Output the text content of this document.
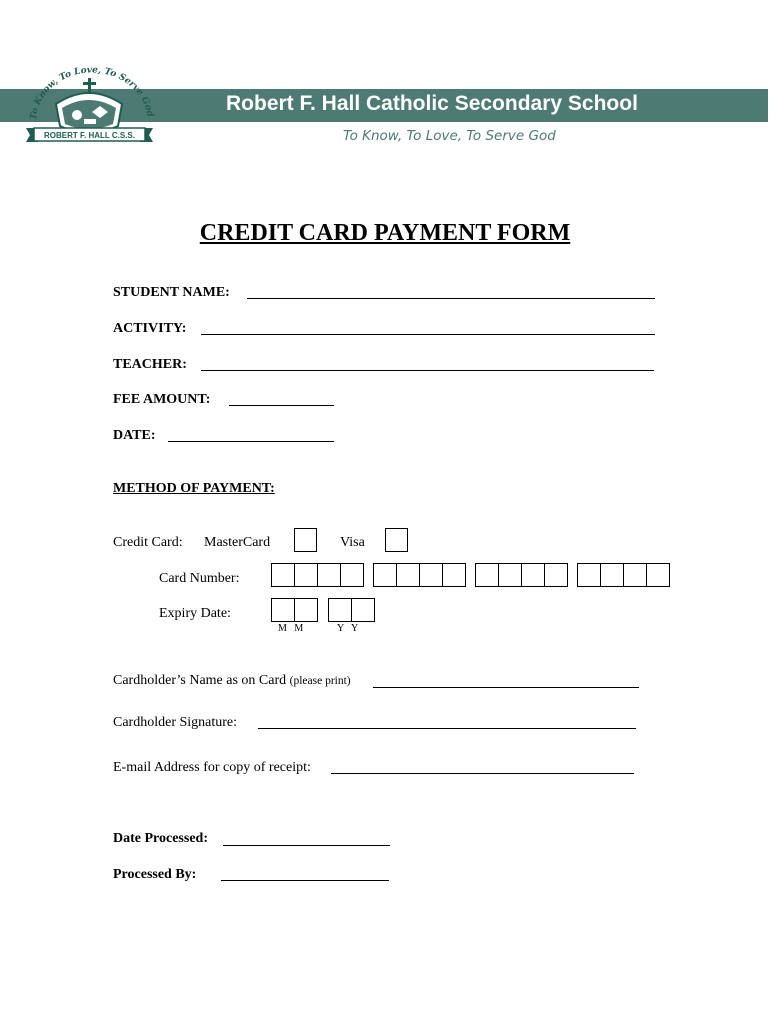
Robert F. Hall Catholic Secondary School
To Know, To Love, To Serve God
To Know, To Love, To Serve God
ROBERT F. HALL C.S.S.
CREDIT CARD PAYMENT FORM
STUDENT NAME:
ACTIVITY:
TEACHER:
FEE AMOUNT:
DATE:
METHOD OF PAYMENT:
Credit Card: MasterCard	Visa
Card Number:
Expiry Date:
M   M	Y   Y
Cardholder’s Name as on Card (please print)
Cardholder Signature:
E-mail Address for copy of receipt:
Date Processed:
Processed By:
